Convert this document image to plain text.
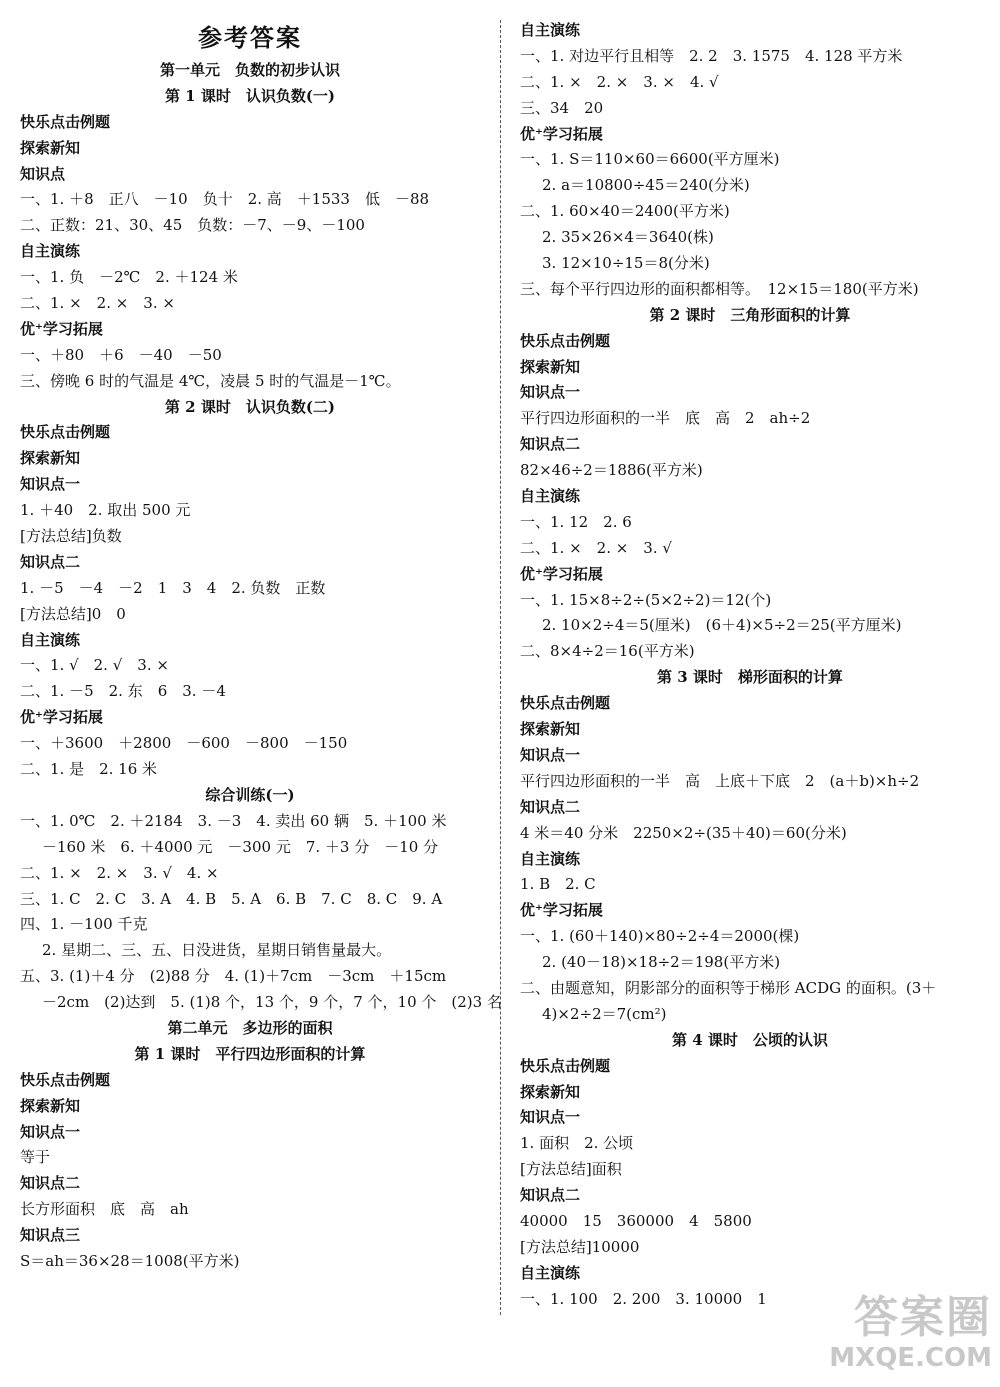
参考答案
第一单元　负数的初步认识
第 1 课时　认识负数(一)
快乐点击例题
探索新知
知识点
一、1. ＋8　正八　－10　负十　2. 高　＋1533　低　－88
二、正数：21、30、45　负数：－7、－9、－100
自主演练
一、1. 负　－2℃　2. ＋124 米
二、1. ×　2. ×　3. ×
优⁺学习拓展
一、＋80　＋6　－40　－50
三、傍晚 6 时的气温是 4℃，凌晨 5 时的气温是－1℃。
第 2 课时　认识负数(二)
快乐点击例题
探索新知
知识点一
1. ＋40　2. 取出 500 元
[方法总结]负数
知识点二
1. －5　－4　－2　1　3　4　2. 负数　正数
[方法总结]0　0
自主演练
一、1. √　2. √　3. ×
二、1. －5　2. 东　6　3. －4
优⁺学习拓展
一、＋3600　＋2800　－600　－800　－150
二、1. 是　2. 16 米
综合训练(一)
一、1. 0℃　2. ＋2184　3. －3　4. 卖出 60 辆　5. ＋100 米
－160 米　6. ＋4000 元　－300 元　7. ＋3 分　－10 分
二、1. ×　2. ×　3. √　4. ×
三、1. C　2. C　3. A　4. B　5. A　6. B　7. C　8. C　9. A
四、1. －100 千克
2. 星期二、三、五、日没进货，星期日销售量最大。
五、3. (1)＋4 分　(2)88 分　4. (1)＋7cm　－3cm　＋15cm
－2cm　(2)达到　5. (1)8 个，13 个，9 个，7 个，10 个　(2)3 名
第二单元　多边形的面积
第 1 课时　平行四边形面积的计算
快乐点击例题
探索新知
知识点一
等于
知识点二
长方形面积　底　高　ah
知识点三
S＝ah＝36×28＝1008(平方米)
自主演练
一、1. 对边平行且相等　2. 2　3. 1575　4. 128 平方米
二、1. ×　2. ×　3. ×　4. √
三、34　20
优⁺学习拓展
一、1. S＝110×60＝6600(平方厘米)
2. a＝10800÷45＝240(分米)
二、1. 60×40＝2400(平方米)
2. 35×26×4＝3640(株)
3. 12×10÷15＝8(分米)
三、每个平行四边形的面积都相等。　12×15＝180(平方米)
第 2 课时　三角形面积的计算
快乐点击例题
探索新知
知识点一
平行四边形面积的一半　底　高　2　ah÷2
知识点二
82×46÷2＝1886(平方米)
自主演练
一、1. 12　2. 6
二、1. ×　2. ×　3. √
优⁺学习拓展
一、1. 15×8÷2÷(5×2÷2)＝12(个)
2. 10×2÷4＝5(厘米)　(6＋4)×5÷2＝25(平方厘米)
二、8×4÷2＝16(平方米)
第 3 课时　梯形面积的计算
快乐点击例题
探索新知
知识点一
平行四边形面积的一半　高　上底＋下底　2　(a＋b)×h÷2
知识点二
4 米＝40 分米　2250×2÷(35＋40)＝60(分米)
自主演练
1. B　2. C
优⁺学习拓展
一、1. (60＋140)×80÷2÷4＝2000(棵)
2. (40－18)×18÷2＝198(平方米)
二、由题意知，阴影部分的面积等于梯形 ACDG 的面积。(3＋
4)×2÷2＝7(cm²)
第 4 课时　公顷的认识
快乐点击例题
探索新知
知识点一
1. 面积　2. 公顷
[方法总结]面积
知识点二
40000　15　360000　4　5800
[方法总结]10000
自主演练
一、1. 100　2. 200　3. 10000　1	答案圈
MXQE.COM
